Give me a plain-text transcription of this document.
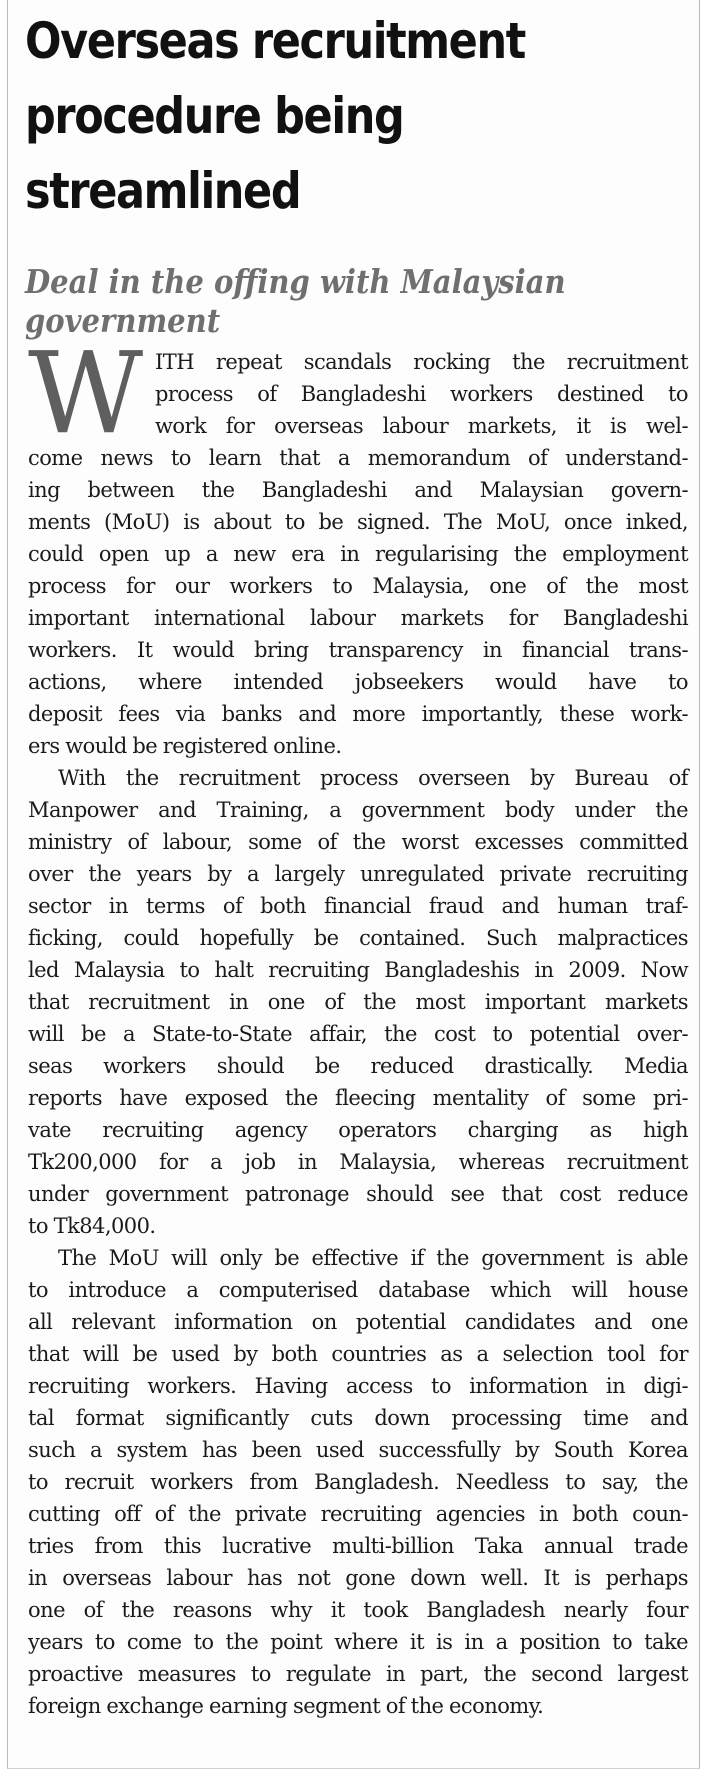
Overseas recruitment
procedure being
streamlined
Deal in the offing with Malaysian
government
W ITH repeat scandals rocking the recruitment
process of Bangladeshi workers destined to
work for overseas labour markets, it is wel-
come news to learn that a memorandum of understand-
ing between the Bangladeshi and Malaysian govern-
ments (MoU) is about to be signed. The MoU, once inked,
could open up a new era in regularising the employment
process for our workers to Malaysia, one of the most
important international labour markets for Bangladeshi
workers. It would bring transparency in financial trans-
actions, where intended jobseekers would have to
deposit fees via banks and more importantly, these work-
ers would be registered online.
With the recruitment process overseen by Bureau of
Manpower and Training, a government body under the
ministry of labour, some of the worst excesses committed
over the years by a largely unregulated private recruiting
sector in terms of both financial fraud and human traf-
ficking, could hopefully be contained. Such malpractices
led Malaysia to halt recruiting Bangladeshis in 2009. Now
that recruitment in one of the most important markets
will be a State-to-State affair, the cost to potential over-
seas workers should be reduced drastically. Media
reports have exposed the fleecing mentality of some pri-
vate recruiting agency operators charging as high
Tk200,000 for a job in Malaysia, whereas recruitment
under government patronage should see that cost reduce
to Tk84,000.
The MoU will only be effective if the government is able
to introduce a computerised database which will house
all relevant information on potential candidates and one
that will be used by both countries as a selection tool for
recruiting workers. Having access to information in digi-
tal format significantly cuts down processing time and
such a system has been used successfully by South Korea
to recruit workers from Bangladesh. Needless to say, the
cutting off of the private recruiting agencies in both coun-
tries from this lucrative multi-billion Taka annual trade
in overseas labour has not gone down well. It is perhaps
one of the reasons why it took Bangladesh nearly four
years to come to the point where it is in a position to take
proactive measures to regulate in part, the second largest
foreign exchange earning segment of the economy.
